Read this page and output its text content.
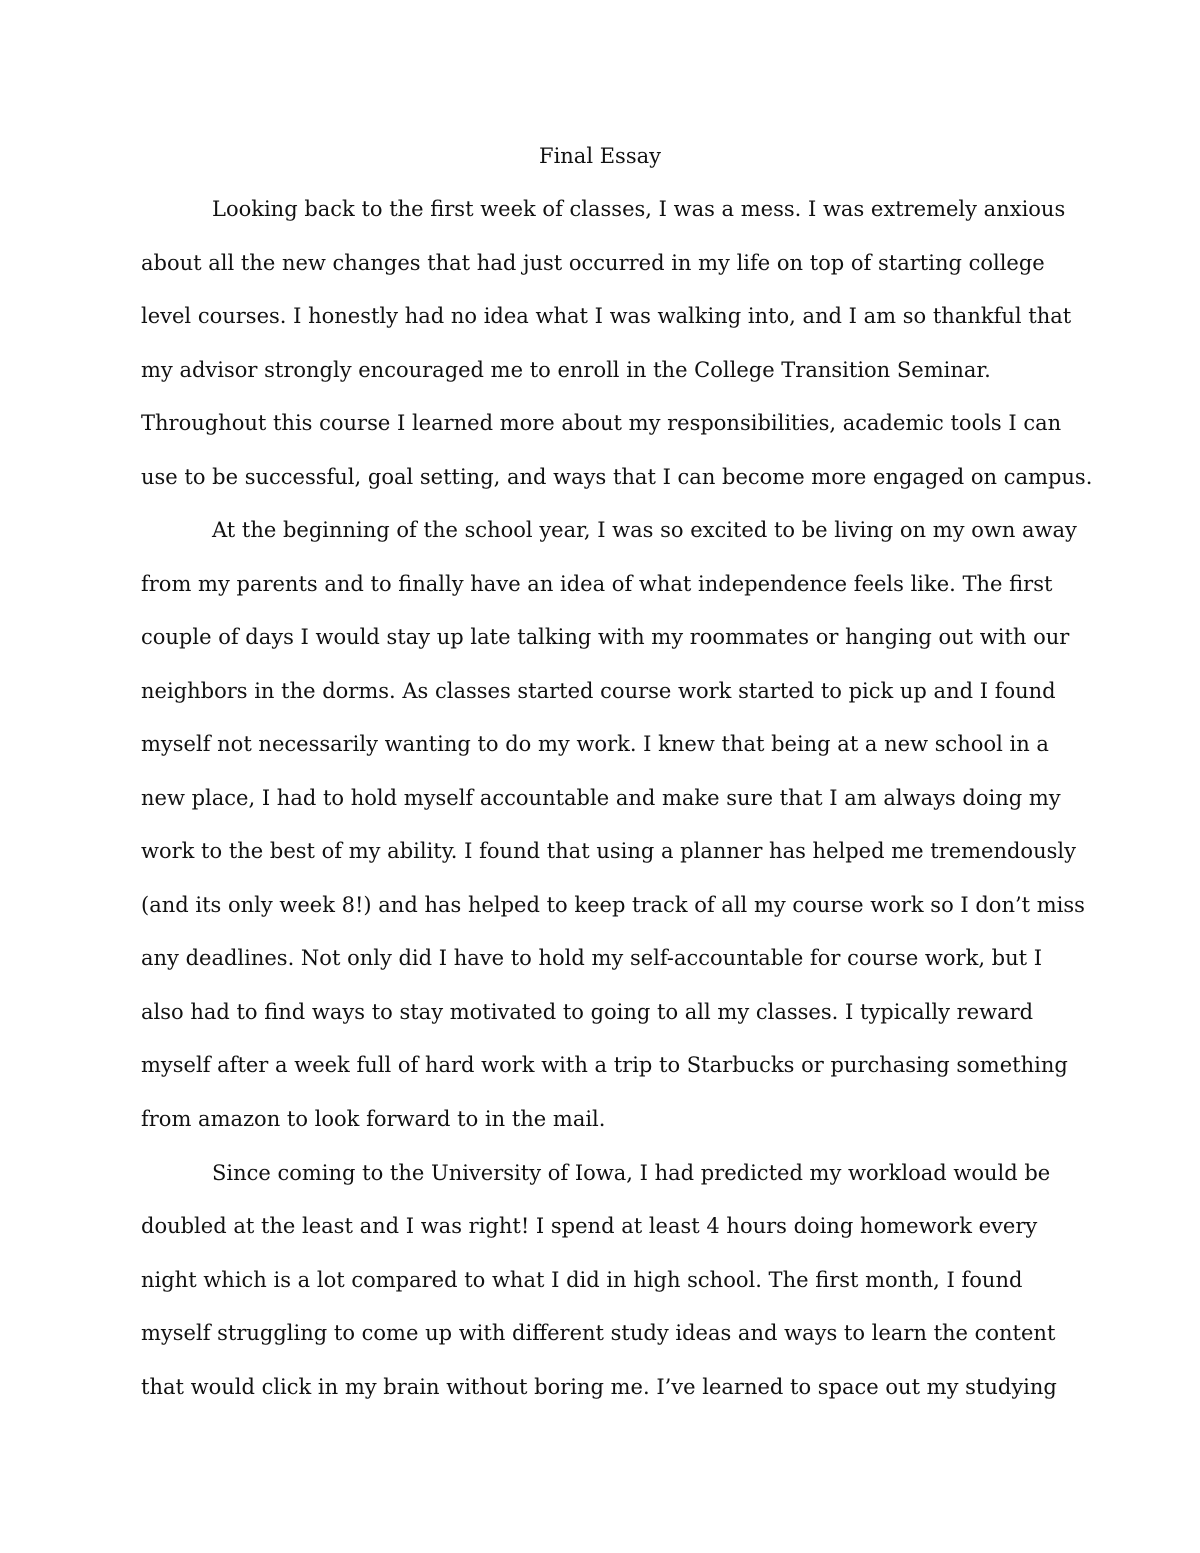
Final Essay
Looking back to the first week of classes, I was a mess. I was extremely anxious
about all the new changes that had just occurred in my life on top of starting college
level courses. I honestly had no idea what I was walking into, and I am so thankful that
my advisor strongly encouraged me to enroll in the College Transition Seminar.
Throughout this course I learned more about my responsibilities, academic tools I can
use to be successful, goal setting, and ways that I can become more engaged on campus.
At the beginning of the school year, I was so excited to be living on my own away
from my parents and to finally have an idea of what independence feels like. The first
couple of days I would stay up late talking with my roommates or hanging out with our
neighbors in the dorms. As classes started course work started to pick up and I found
myself not necessarily wanting to do my work. I knew that being at a new school in a
new place, I had to hold myself accountable and make sure that I am always doing my
work to the best of my ability. I found that using a planner has helped me tremendously
(and its only week 8!) and has helped to keep track of all my course work so I don’t miss
any deadlines. Not only did I have to hold my self-accountable for course work, but I
also had to find ways to stay motivated to going to all my classes. I typically reward
myself after a week full of hard work with a trip to Starbucks or purchasing something
from amazon to look forward to in the mail.
Since coming to the University of Iowa, I had predicted my workload would be
doubled at the least and I was right! I spend at least 4 hours doing homework every
night which is a lot compared to what I did in high school. The first month, I found
myself struggling to come up with different study ideas and ways to learn the content
that would click in my brain without boring me. I’ve learned to space out my studying
